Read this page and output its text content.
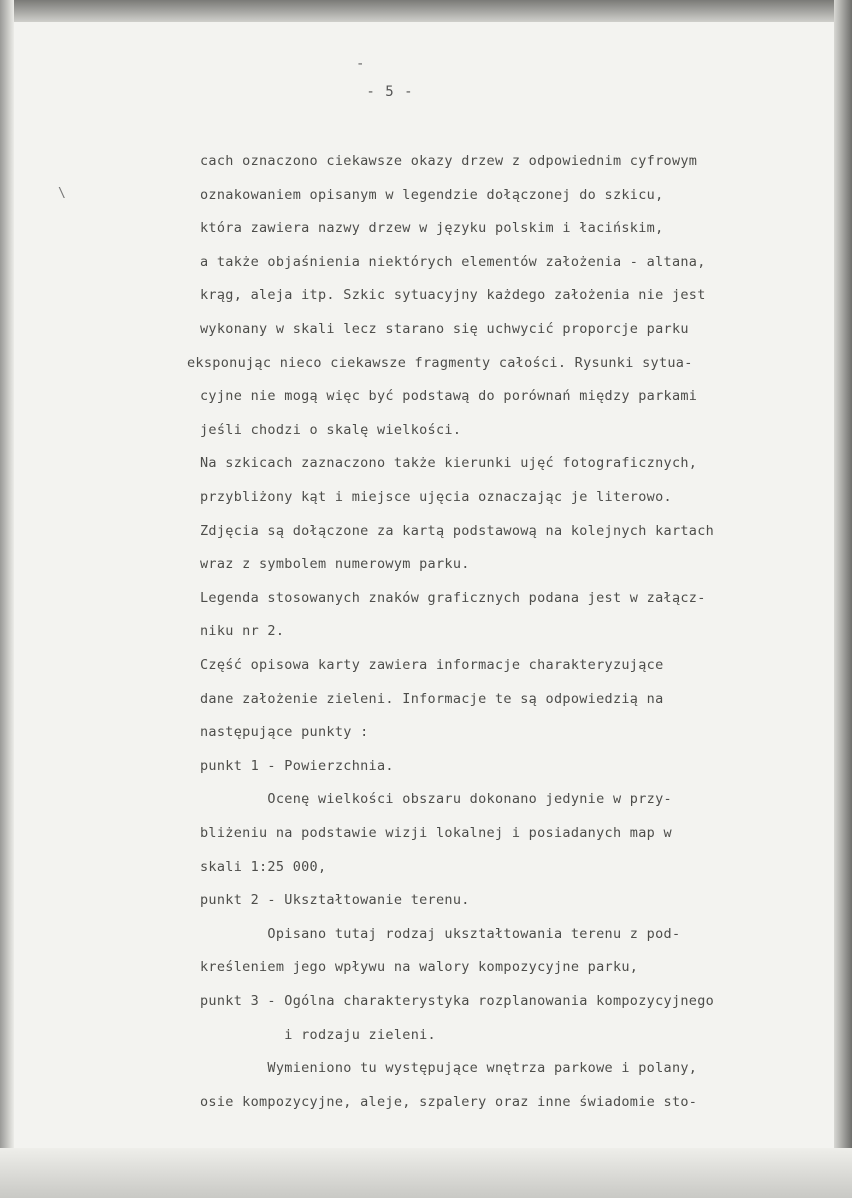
-
- 5 -
\
cach oznaczono ciekawsze okazy drzew z odpowiednim cyfrowym
oznakowaniem opisanym w legendzie dołączonej do szkicu,
która zawiera nazwy drzew w języku polskim i łacińskim,
a także objaśnienia niektórych elementów założenia - altana,
krąg, aleja itp. Szkic sytuacyjny każdego założenia nie jest
wykonany w skali lecz starano się uchwycić proporcje parku
eksponując nieco ciekawsze fragmenty całości. Rysunki sytua-
cyjne nie mogą więc być podstawą do porównań między parkami
jeśli chodzi o skalę wielkości.
Na szkicach zaznaczono także kierunki ujęć fotograficznych,
przybliżony kąt i miejsce ujęcia oznaczając je literowo.
Zdjęcia są dołączone za kartą podstawową na kolejnych kartach
wraz z symbolem numerowym parku.
Legenda stosowanych znaków graficznych podana jest w załącz-
niku nr 2.
Część opisowa karty zawiera informacje charakteryzujące
dane założenie zieleni. Informacje te są odpowiedzią na
następujące punkty :
punkt 1 - Powierzchnia.
Ocenę wielkości obszaru dokonano jedynie w przy-
bliżeniu na podstawie wizji lokalnej i posiadanych map w
skali 1:25 000,
punkt 2 - Ukształtowanie terenu.
Opisano tutaj rodzaj ukształtowania terenu z pod-
kreśleniem jego wpływu na walory kompozycyjne parku,
punkt 3 - Ogólna charakterystyka rozplanowania kompozycyjnego
i rodzaju zieleni.
Wymieniono tu występujące wnętrza parkowe i polany,
osie kompozycyjne, aleje, szpalery oraz inne świadomie sto-
